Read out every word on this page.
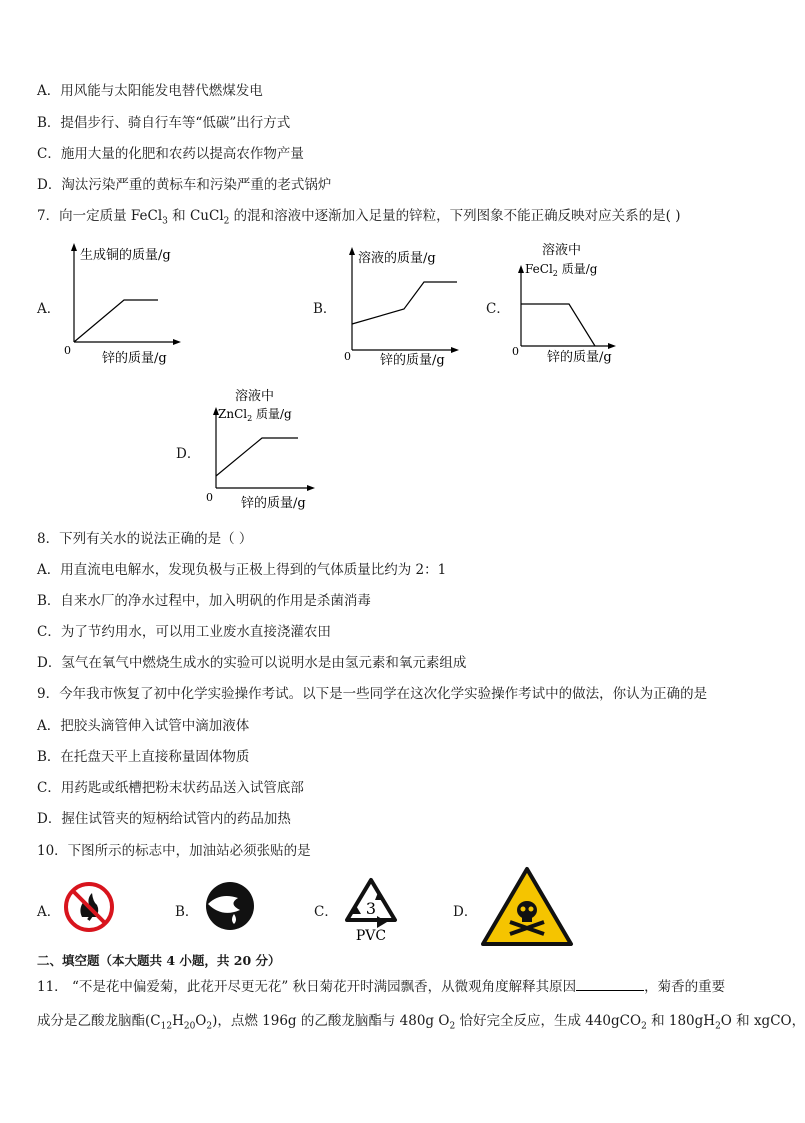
A．用风能与太阳能发电替代燃煤发电
B．提倡步行、骑自行车等“低碳”出行方式
C．施用大量的化肥和农药以提高农作物产量
D．淘汰污染严重的黄标车和污染严重的老式锅炉
7．向一定质量 FeCl$_3$ 和 CuCl$_2$ 的混和溶液中逐渐加入足量的锌粒，下列图象不能正确反映对应关系的是( )
A．
生成铜的质量/g
0
锌的质量/g
B．
溶液的质量/g
0 锌的质量/g
C．
溶液中
FeCl$_2$ 质量/g
0 锌的质量/g
D．
溶液中
ZnCl$_2$ 质量/g
0 锌的质量/g
8．下列有关水的说法正确的是（ ）
A．用直流电电解水，发现负极与正极上得到的气体质量比约为 2：1
B．自来水厂的净水过程中，加入明矾的作用是杀菌消毒
C．为了节约用水，可以用工业废水直接浇灌农田
D．氢气在氧气中燃烧生成水的实验可以说明水是由氢元素和氧元素组成
9．今年我市恢复了初中化学实验操作考试。以下是一些同学在这次化学实验操作考试中的做法，你认为正确的是
A．把胶头滴管伸入试管中滴加液体
B．在托盘天平上直接称量固体物质
C．用药匙或纸槽把粉末状药品送入试管底部
D．握住试管夹的短柄给试管内的药品加热
10．下图所示的标志中，加油站必须张贴的是
A．	B．	C． 3
PVC
D．
二、填空题（本大题共 4 小题，共 20 分）
11． “不是花中偏爱菊，此花开尽更无花” 秋日菊花开时满园飘香，从微观角度解释其原因	，菊香的重要
成分是乙酸龙脑酯$(C_{12}H_{20}O_2)$，点燃 196g 的乙酸龙脑酯与 480g $O_2$ 恰好完全反应，生成 440gCO$_2$ 和 $180gH_2O$ 和 xgCO，
